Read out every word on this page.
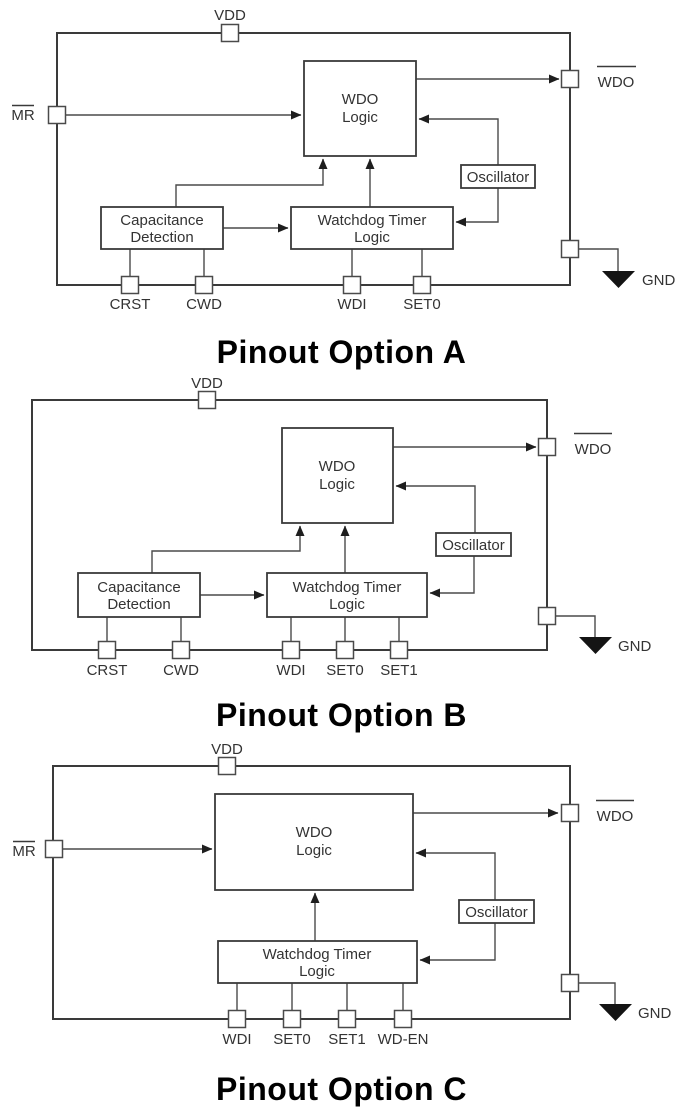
WDO
Logic
Oscillator
Capacitance
Detection
Watchdog Timer
Logic
VDD
MR
WDO
GND
CRST CWD	WDI SET0
Pinout Option A
WDO
Logic
Oscillator
Capacitance
Detection
Watchdog Timer
Logic
VDD
WDO
GND
CRST CWD	WDI SET0 SET1
Pinout Option B
WDO
Logic
Oscillator
Watchdog Timer
Logic
VDD
MR
WDO
GND
WDI SET0 SET1 WD-EN
Pinout Option C
